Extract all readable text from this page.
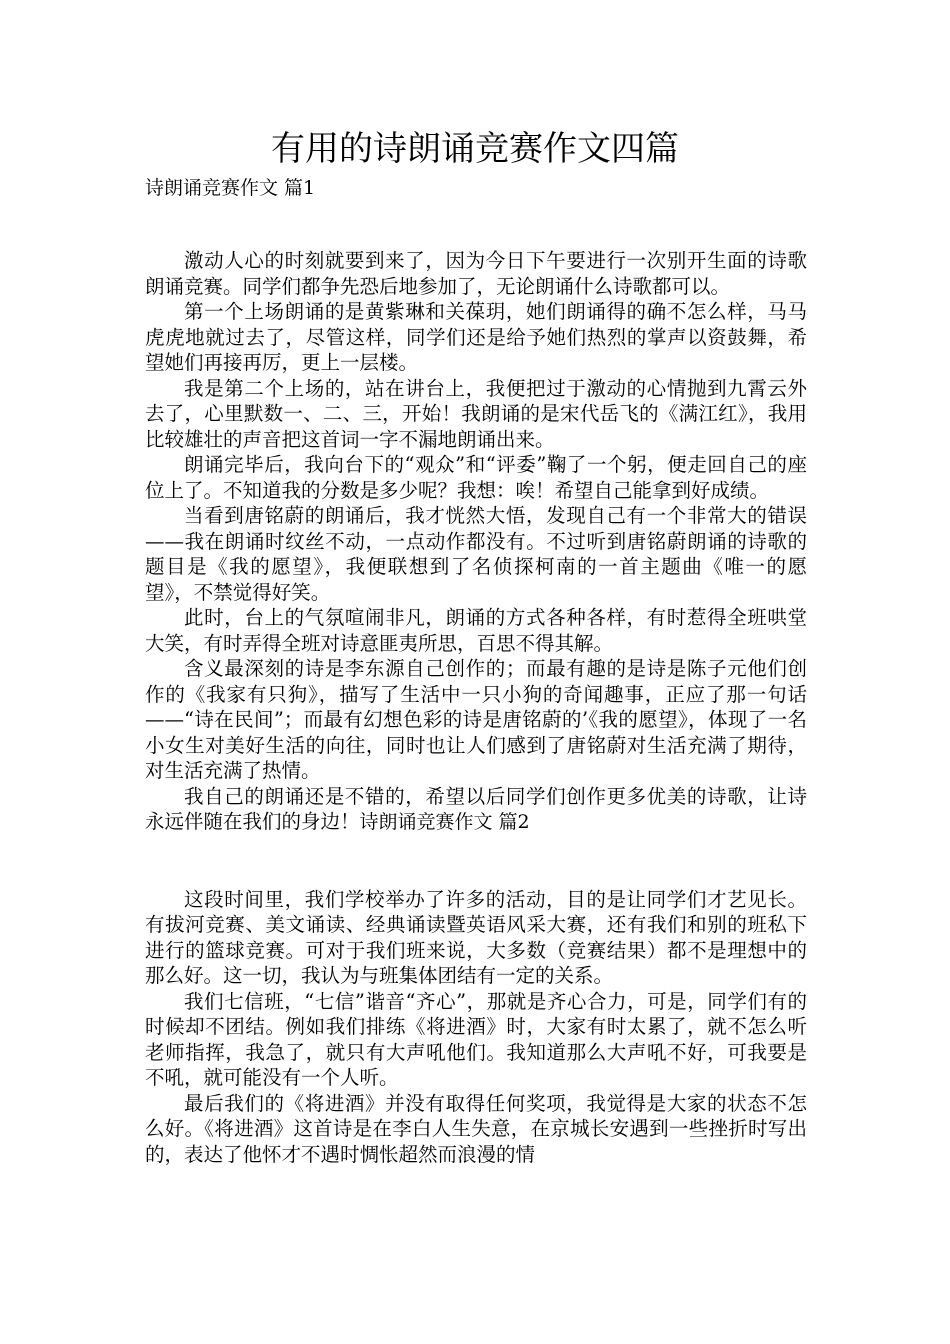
有用的诗朗诵竞赛作文四篇
诗朗诵竞赛作文 篇1

激动人心的时刻就要到来了，因为今日下午要进行一次别开生面的诗歌朗诵竞赛。同学们都争先恐后地参加了，无论朗诵什么诗歌都可以。

第一个上场朗诵的是黄紫琳和关葆玥，她们朗诵得的确不怎么样，马马虎虎地就过去了，尽管这样，同学们还是给予她们热烈的掌声以资鼓舞，希望她们再接再厉，更上一层楼。

我是第二个上场的，站在讲台上，我便把过于激动的心情抛到九霄云外去了，心里默数一、二、三，开始！我朗诵的是宋代岳飞的《满江红》，我用比较雄壮的声音把这首词一字不漏地朗诵出来。

朗诵完毕后，我向台下的“观众”和“评委”鞠了一个躬，便走回自己的座位上了。不知道我的分数是多少呢？我想：唉！希望自己能拿到好成绩。

当看到唐铭蔚的朗诵后，我才恍然大悟，发现自己有一个非常大的错误——我在朗诵时纹丝不动，一点动作都没有。不过听到唐铭蔚朗诵的诗歌的题目是《我的愿望》，我便联想到了名侦探柯南的一首主题曲《唯一的愿望》，不禁觉得好笑。

此时，台上的气氛喧闹非凡，朗诵的方式各种各样，有时惹得全班哄堂大笑，有时弄得全班对诗意匪夷所思，百思不得其解。

含义最深刻的诗是李东源自己创作的；而最有趣的是诗是陈子元他们创作的《我家有只狗》，描写了生活中一只小狗的奇闻趣事，正应了那一句话——“诗在民间”；而最有幻想色彩的诗是唐铭蔚的’《我的愿望》，体现了一名小女生对美好生活的向往，同时也让人们感到了唐铭蔚对生活充满了期待，对生活充满了热情。

我自己的朗诵还是不错的，希望以后同学们创作更多优美的诗歌，让诗永远伴随在我们的身边！诗朗诵竞赛作文 篇2

这段时间里，我们学校举办了许多的活动，目的是让同学们才艺见长。有拔河竞赛、美文诵读、经典诵读暨英语风采大赛，还有我们和别的班私下进行的篮球竞赛。可对于我们班来说，大多数（竞赛结果）都不是理想中的那么好。这一切，我认为与班集体团结有一定的关系。

我们七信班，“七信”谐音“齐心”，那就是齐心合力，可是，同学们有的时候却不团结。例如我们排练《将进酒》时，大家有时太累了，就不怎么听老师指挥，我急了，就只有大声吼他们。我知道那么大声吼不好，可我要是不吼，就可能没有一个人听。

最后我们的《将进酒》并没有取得任何奖项，我觉得是大家的状态不怎么好。《将进酒》这首诗是在李白人生失意，在京城长安遇到一些挫折时写出的，表达了他怀才不遇时惆怅超然而浪漫的情
